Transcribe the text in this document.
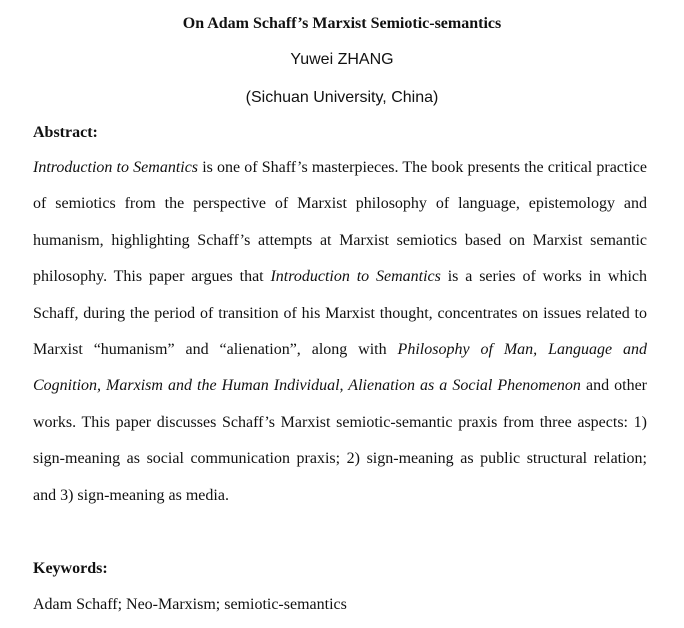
On Adam Schaff’s Marxist Semiotic-semantics
Yuwei ZHANG
(Sichuan University, China)
Abstract:
Introduction to Semantics is one of Shaff’s masterpieces. The book presents the critical practice of semiotics from the perspective of Marxist philosophy of language, epistemology and humanism, highlighting Schaff’s attempts at Marxist semiotics based on Marxist semantic philosophy. This paper argues that Introduction to Semantics is a series of works in which Schaff, during the period of transition of his Marxist thought, concentrates on issues related to Marxist “humanism” and “alienation”, along with Philosophy of Man, Language and Cognition, Marxism and the Human Individual, Alienation as a Social Phenomenon and other works. This paper discusses Schaff’s Marxist semiotic-semantic praxis from three aspects: 1) sign-meaning as social communication praxis; 2) sign-meaning as public structural relation; and 3) sign-meaning as media.
Keywords:
Adam Schaff; Neo-Marxism; semiotic-semantics
